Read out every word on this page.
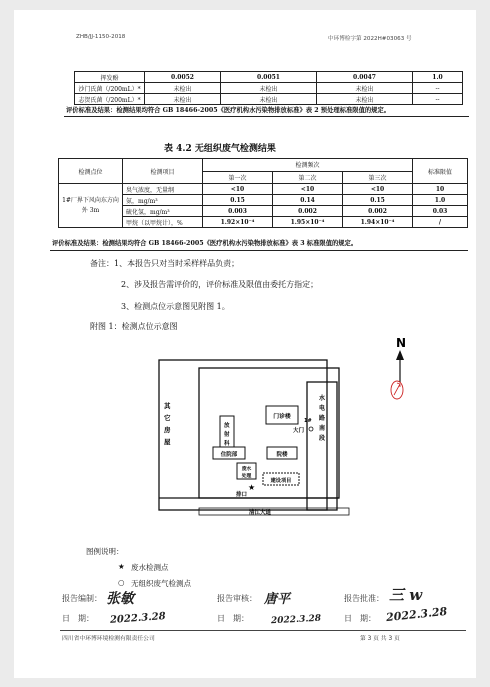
ZHB/JJ-1150-2018	中环博检字第 2022H#03063 号
挥发酚	0.0052	0.0051	0.0047	1.0
沙门氏菌（/200mL）*	未检出	未检出	未检出	--
志贺氏菌（/200mL）*	未检出	未检出	未检出	--
评价标准及结果：检测结果均符合 GB 18466-2005《医疗机构水污染物排放标准》表 2 预处理标准限值的规定。
表 4.2 无组织废气检测结果
检测点位	检测项目	检测频次			标准限值
		第一次	第二次	第三次	
1#厂界下风向东方向
外 3m	臭气浓度，无量纲	<10	<10	<10	10
	氨，mg/m³	0.15	0.14	0.15	1.0
	硫化氢，mg/m³	0.003	0.002	0.002	0.03
	甲烷（以甲烷计），%	1.92×10⁻⁴	1.95×10⁻⁴	1.94×10⁻⁴	/
评价标准及结果：检测结果均符合 GB 18466-2005《医疗机构水污染物排放标准》表 3 标准限值的规定。
备注：1、本报告只对当时采样样品负责；
2、涉及报告需评价的，评价标准及限值由委托方指定；
3、检测点位示意图见附图 1。
附图 1：检测点位示意图
N
其
它
房
屋
水
电
路
南
段
放
射
科
门诊楼
住院部	院楼
废水
处理
建设项目
排口
★
大门
1#
清江大道
图例说明：
★ 废水检测点
○ 无组织废气检测点
报告编制： 张敏	报告审核： 唐平	报告批准： 三 w
日　期： 2022.3.28	日　期： 2022.3.28	日　期： 2022.3.28
四川省中环博环境检测有限责任公司	第 3 页 共 3 页
